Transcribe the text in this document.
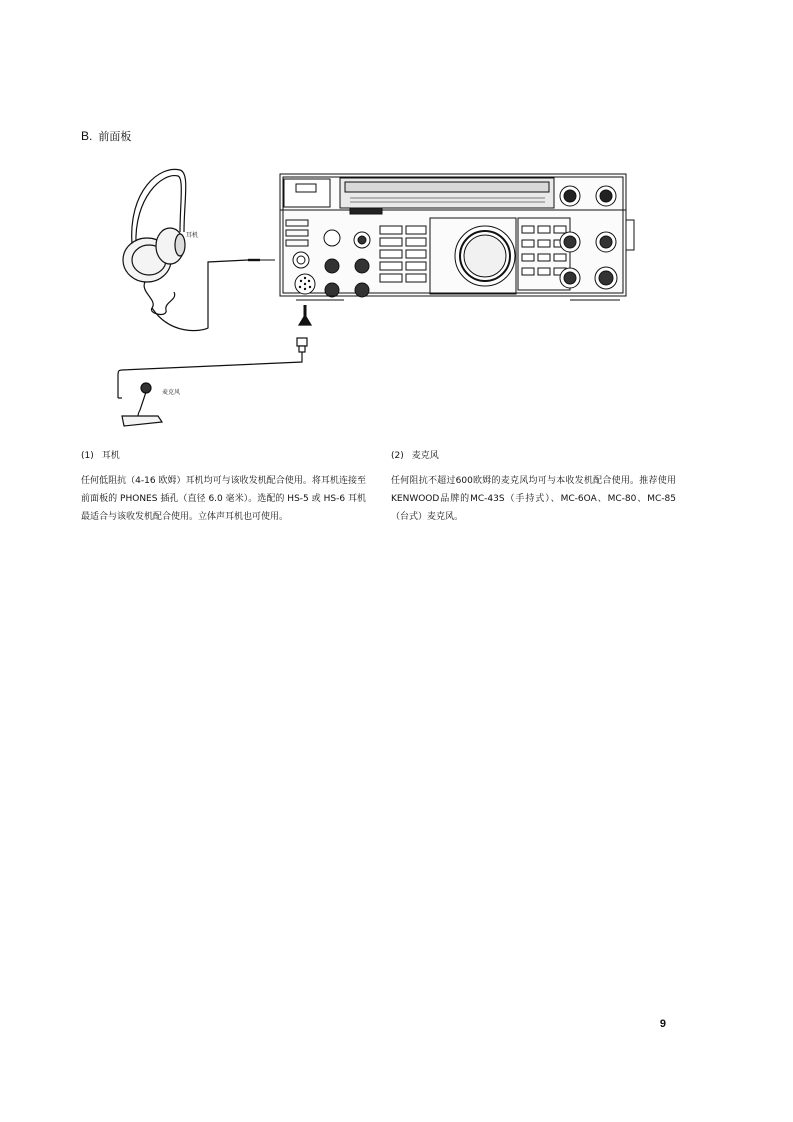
B. 前面板
耳机
麦克风
(1) 耳机
任何低阻抗（4-16 欧姆）耳机均可与该收发机配合使用。将耳机连接至前面板的 PHONES 插孔（直径 6.0 毫米）。选配的 HS-5 或 HS-6 耳机最适合与该收发机配合使用。立体声耳机也可使用。
(2) 麦克风
任何阻抗不超过600欧姆的麦克风均可与本收发机配合使用。推荐使用KENWOOD品牌的MC-43S（手持式）、MC-6OA、MC-80、MC-85（台式）麦克风。
9
